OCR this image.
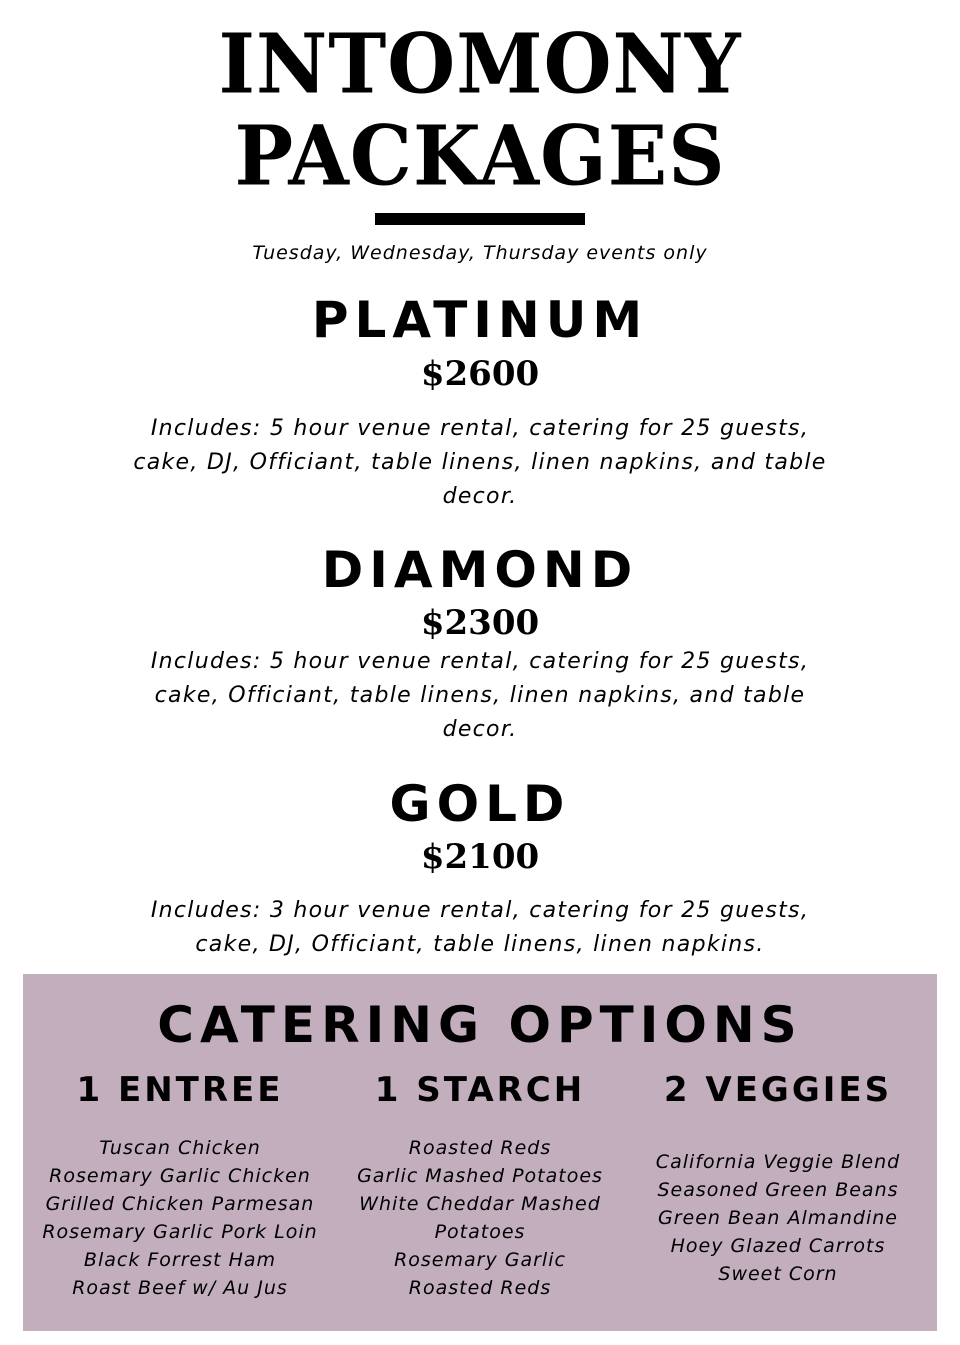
INTOMONY
PACKAGES
Tuesday, Wednesday, Thursday events only
PLATINUM
$2600
Includes: 5 hour venue rental, catering for 25 guests, cake, DJ, Officiant, table linens, linen napkins, and table decor.
DIAMOND
$2300
Includes: 5 hour venue rental, catering for 25 guests, cake, Officiant, table linens, linen napkins, and table decor.
GOLD
$2100
Includes: 3 hour venue rental, catering for 25 guests, cake, DJ, Officiant, table linens, linen napkins.
CATERING OPTIONS
1 ENTREE
Tuscan Chicken
Rosemary Garlic Chicken
Grilled Chicken Parmesan
Rosemary Garlic Pork Loin
Black Forrest Ham
Roast Beef w/ Au Jus
1 STARCH
Roasted Reds
Garlic Mashed Potatoes
White Cheddar Mashed Potatoes
Rosemary Garlic Roasted Reds
2 VEGGIES
California Veggie Blend
Seasoned Green Beans
Green Bean Almandine
Hoey Glazed Carrots
Sweet Corn
